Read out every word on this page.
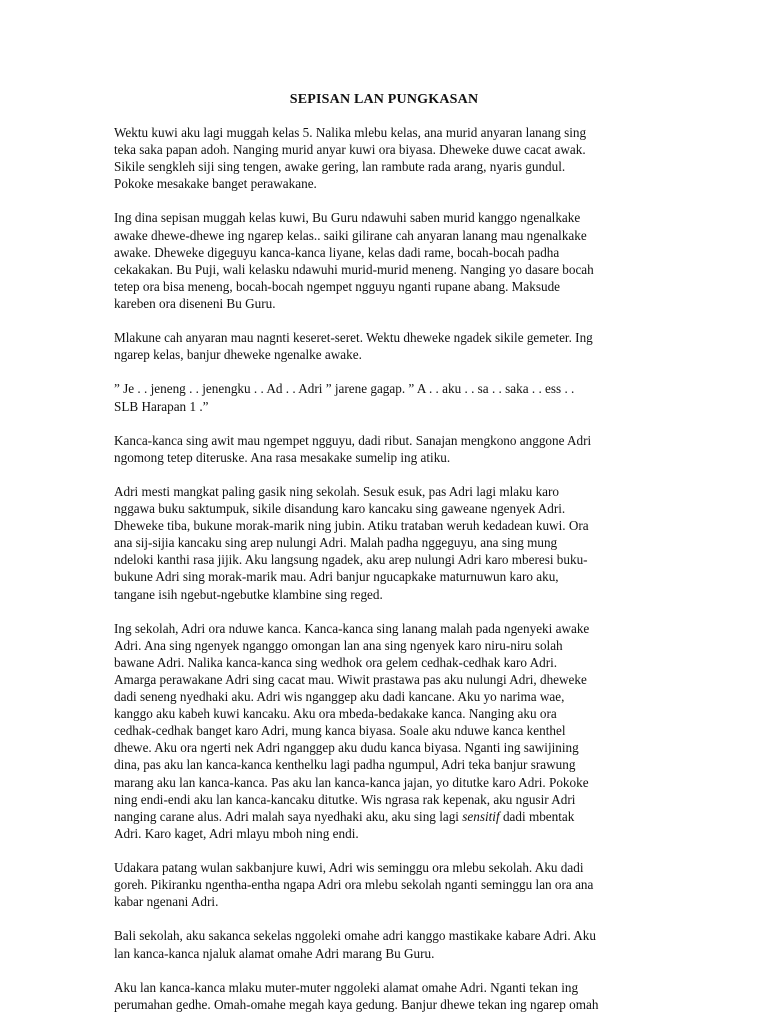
SEPISAN LAN PUNGKASAN
Wektu kuwi aku lagi muggah kelas 5. Nalika mlebu kelas, ana murid anyaran lanang sing
teka saka papan adoh. Nanging murid anyar kuwi ora biyasa. Dheweke duwe cacat awak.
Sikile sengkleh siji sing tengen, awake gering, lan rambute rada arang, nyaris gundul.
Pokoke mesakake banget perawakane.
Ing dina sepisan muggah kelas kuwi, Bu Guru ndawuhi saben murid kanggo ngenalkake
awake dhewe-dhewe ing ngarep kelas.. saiki gilirane cah anyaran lanang mau ngenalkake
awake. Dheweke digeguyu kanca-kanca liyane, kelas dadi rame, bocah-bocah padha
cekakakan. Bu Puji, wali kelasku ndawuhi murid-murid meneng. Nanging yo dasare bocah
tetep ora bisa meneng, bocah-bocah ngempet ngguyu nganti rupane abang. Maksude
kareben ora diseneni Bu Guru.
Mlakune cah anyaran mau nagnti keseret-seret. Wektu dheweke ngadek sikile gemeter. Ing
ngarep kelas, banjur dheweke ngenalke awake.
” Je . . jeneng . . jenengku . . Ad . . Adri ” jarene gagap. ” A . . aku . . sa . . saka . . ess . .
SLB Harapan 1 .”
Kanca-kanca sing awit mau ngempet ngguyu, dadi ribut. Sanajan mengkono anggone Adri
ngomong tetep diteruske. Ana rasa mesakake sumelip ing atiku.
Adri mesti mangkat paling gasik ning sekolah. Sesuk esuk, pas Adri lagi mlaku karo
nggawa buku saktumpuk, sikile disandung karo kancaku sing gaweane ngenyek Adri.
Dheweke tiba, bukune morak-marik ning jubin. Atiku trataban weruh kedadean kuwi. Ora
ana sij-sijia kancaku sing arep nulungi Adri. Malah padha nggeguyu, ana sing mung
ndeloki kanthi rasa jijik. Aku langsung ngadek, aku arep nulungi Adri karo mberesi buku-
bukune Adri sing morak-marik mau. Adri banjur ngucapkake maturnuwun karo aku,
tangane isih ngebut-ngebutke klambine sing reged.
Ing sekolah, Adri ora nduwe kanca. Kanca-kanca sing lanang malah pada ngenyeki awake
Adri. Ana sing ngenyek nganggo omongan lan ana sing ngenyek karo niru-niru solah
bawane Adri. Nalika kanca-kanca sing wedhok ora gelem cedhak-cedhak karo Adri.
Amarga perawakane Adri sing cacat mau. Wiwit prastawa pas aku nulungi Adri, dheweke
dadi seneng nyedhaki aku. Adri wis nganggep aku dadi kancane. Aku yo narima wae,
kanggo aku kabeh kuwi kancaku. Aku ora mbeda-bedakake kanca. Nanging aku ora
cedhak-cedhak banget karo Adri, mung kanca biyasa. Soale aku nduwe kanca kenthel
dhewe. Aku ora ngerti nek Adri nganggep aku dudu kanca biyasa. Nganti ing sawijining
dina, pas aku lan kanca-kanca kenthelku lagi padha ngumpul, Adri teka banjur srawung
marang aku lan kanca-kanca. Pas aku lan kanca-kanca jajan, yo ditutke karo Adri. Pokoke
ning endi-endi aku lan kanca-kancaku ditutke. Wis ngrasa rak kepenak, aku ngusir Adri
nanging carane alus. Adri malah saya nyedhaki aku, aku sing lagi sensitif dadi mbentak
Adri. Karo kaget, Adri mlayu mboh ning endi.
Udakara patang wulan sakbanjure kuwi, Adri wis seminggu ora mlebu sekolah. Aku dadi
goreh. Pikiranku ngentha-entha ngapa Adri ora mlebu sekolah nganti seminggu lan ora ana
kabar ngenani Adri.
Bali sekolah, aku sakanca sekelas nggoleki omahe adri kanggo mastikake kabare Adri. Aku
lan kanca-kanca njaluk alamat omahe Adri marang Bu Guru.
Aku lan kanca-kanca mlaku muter-muter nggoleki alamat omahe Adri. Nganti tekan ing
perumahan gedhe. Omah-omahe megah kaya gedung. Banjur dhewe tekan ing ngarep omah
